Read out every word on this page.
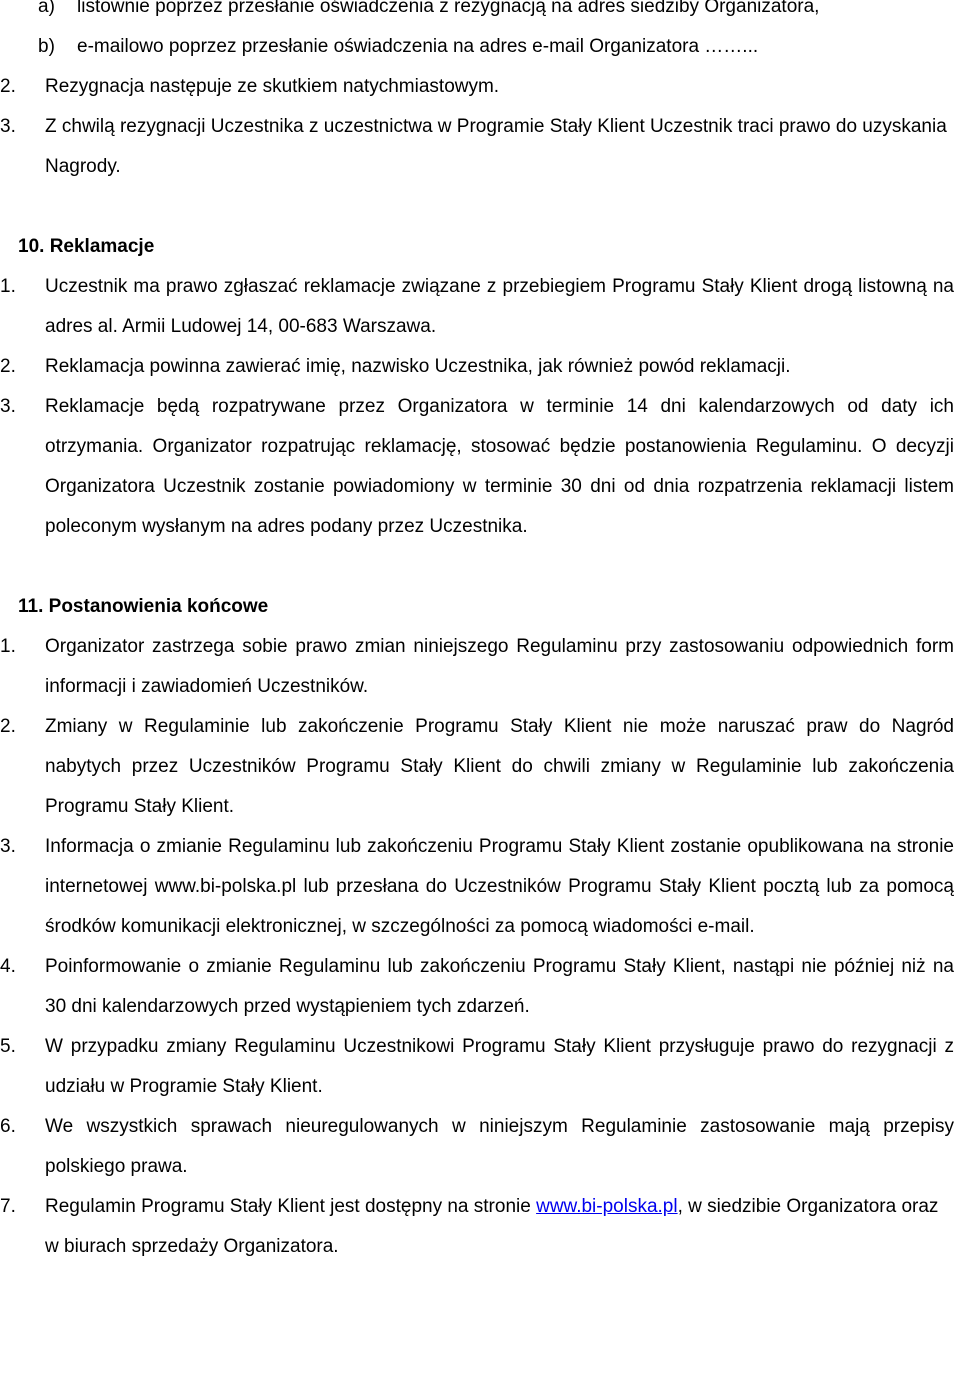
a) listownie poprzez przesłanie oświadczenia z rezygnacją na adres siedziby Organizatora,
b) e-mailowo poprzez przesłanie oświadczenia na adres e-mail Organizatora ……...
2. Rezygnacja następuje ze skutkiem natychmiastowym.
3. Z chwilą rezygnacji Uczestnika z uczestnictwa w Programie Stały Klient Uczestnik traci prawo do uzyskania Nagrody.
10. Reklamacje
1. Uczestnik ma prawo zgłaszać reklamacje związane z przebiegiem Programu Stały Klient drogą listowną na adres al. Armii Ludowej 14, 00-683 Warszawa.
2. Reklamacja powinna zawierać imię, nazwisko Uczestnika, jak również powód reklamacji.
3. Reklamacje będą rozpatrywane przez Organizatora w terminie 14 dni kalendarzowych od daty ich otrzymania. Organizator rozpatrując reklamację, stosować będzie postanowienia Regulaminu. O decyzji Organizatora Uczestnik zostanie powiadomiony w terminie 30 dni od dnia rozpatrzenia reklamacji listem poleconym wysłanym na adres podany przez Uczestnika.
11. Postanowienia końcowe
1. Organizator zastrzega sobie prawo zmian niniejszego Regulaminu przy zastosowaniu odpowiednich form informacji i zawiadomień Uczestników.
2. Zmiany w Regulaminie lub zakończenie Programu Stały Klient nie może naruszać praw do Nagród nabytych przez Uczestników Programu Stały Klient do chwili zmiany w Regulaminie lub zakończenia Programu Stały Klient.
3. Informacja o zmianie Regulaminu lub zakończeniu Programu Stały Klient zostanie opublikowana na stronie internetowej www.bi-polska.pl lub przesłana do Uczestników Programu Stały Klient pocztą lub za pomocą środków komunikacji elektronicznej, w szczególności za pomocą wiadomości e-mail.
4. Poinformowanie o zmianie Regulaminu lub zakończeniu Programu Stały Klient, nastąpi nie później niż na 30 dni kalendarzowych przed wystąpieniem tych zdarzeń.
5. W przypadku zmiany Regulaminu Uczestnikowi Programu Stały Klient przysługuje prawo do rezygnacji z udziału w Programie Stały Klient.
6. We wszystkich sprawach nieuregulowanych w niniejszym Regulaminie zastosowanie mają przepisy polskiego prawa.
7. Regulamin Programu Stały Klient jest dostępny na stronie www.bi-polska.pl, w siedzibie Organizatora oraz w biurach sprzedaży Organizatora.
